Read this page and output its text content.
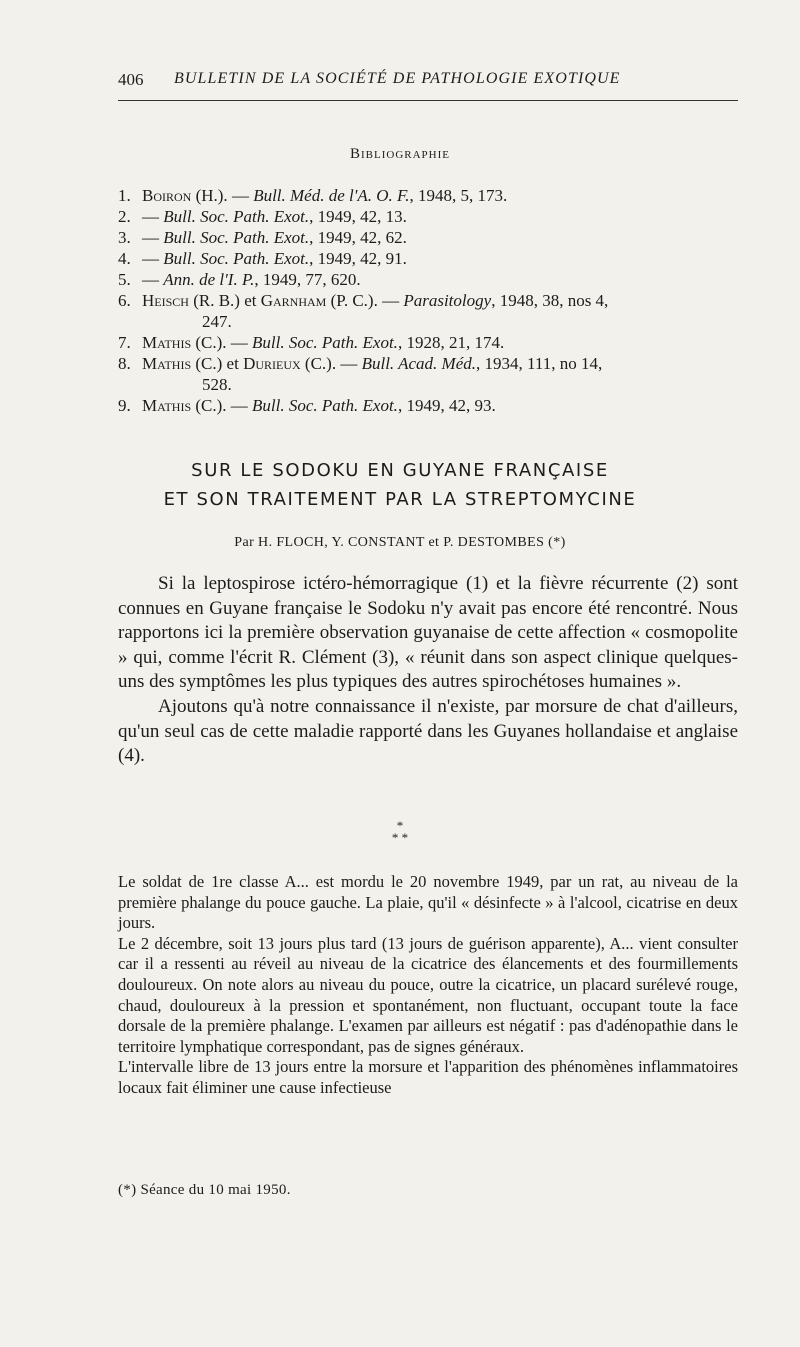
406 BULLETIN DE LA SOCIÉTÉ DE PATHOLOGIE EXOTIQUE
Bibliographie
1. Boiron (H.). — Bull. Méd. de l'A. O. F., 1948, 5, 173.
2. — Bull. Soc. Path. Exot., 1949, 42, 13.
3. — Bull. Soc. Path. Exot., 1949, 42, 62.
4. — Bull. Soc. Path. Exot., 1949, 42, 91.
5. — Ann. de l'I. P., 1949, 77, 620.
6. Heisch (R. B.) et Garnham (P. C.). — Parasitology, 1948, 38, nos 4,
247.
7. Mathis (C.). — Bull. Soc. Path. Exot., 1928, 21, 174.
8. Mathis (C.) et Durieux (C.). — Bull. Acad. Méd., 1934, 111, no 14,
528.
9. Mathis (C.). — Bull. Soc. Path. Exot., 1949, 42, 93.
SUR LE SODOKU EN GUYANE FRANÇAISE
ET SON TRAITEMENT PAR LA STREPTOMYCINE
Par H. FLOCH, Y. CONSTANT et P. DESTOMBES (*)

Si la leptospirose ictéro-hémorragique (1) et la fièvre récurrente (2) sont connues en Guyane française le Sodoku n'y avait pas encore été rencontré. Nous rapportons ici la première observation guyanaise de cette affection « cosmopolite » qui, comme l'écrit R. Clément (3), « réunit dans son aspect clinique quelques-uns des symptômes les plus typiques des autres spirochétoses humaines ».

Ajoutons qu'à notre connaissance il n'existe, par morsure de chat d'ailleurs, qu'un seul cas de cette maladie rapporté dans les Guyanes hollandaise et anglaise (4).

*
* *

Le soldat de 1re classe A... est mordu le 20 novembre 1949, par un rat, au niveau de la première phalange du pouce gauche. La plaie, qu'il « désinfecte » à l'alcool, cicatrise en deux jours.

Le 2 décembre, soit 13 jours plus tard (13 jours de guérison apparente), A... vient consulter car il a ressenti au réveil au niveau de la cicatrice des élancements et des fourmillements douloureux. On note alors au niveau du pouce, outre la cicatrice, un placard surélevé rouge, chaud, douloureux à la pression et spontanément, non fluctuant, occupant toute la face dorsale de la première phalange. L'examen par ailleurs est négatif : pas d'adénopathie dans le territoire lymphatique correspondant, pas de signes généraux.

L'intervalle libre de 13 jours entre la morsure et l'apparition des phénomènes inflammatoires locaux fait éliminer une cause infectieuse

(*) Séance du 10 mai 1950.
